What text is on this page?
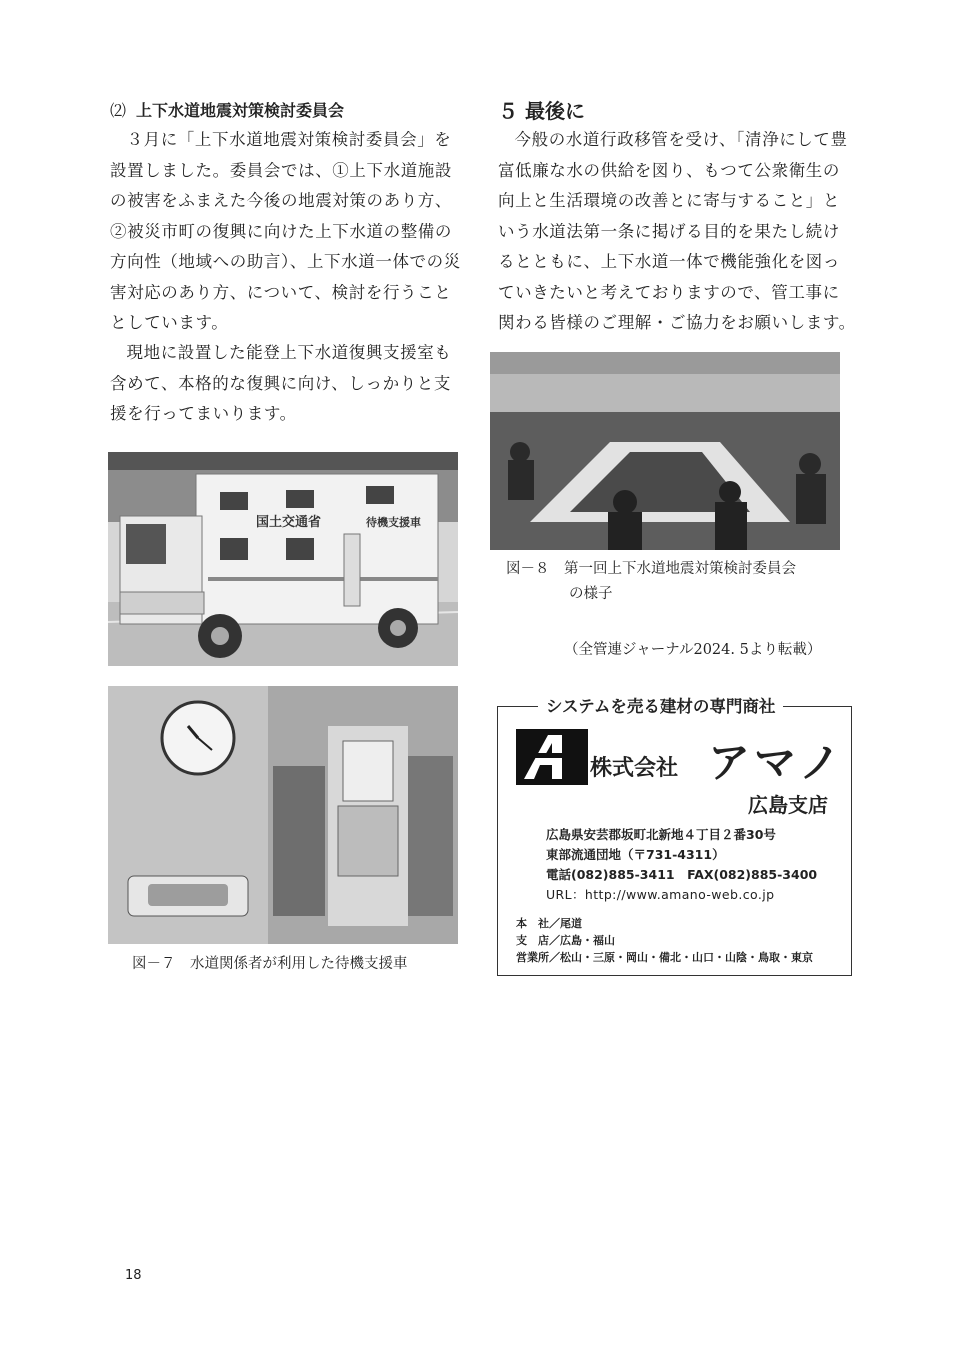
⑵ 上下水道地震対策検討委員会

３月に「上下水道地震対策検討委員会」を設置しました。委員会では、①上下水道施設の被害をふまえた今後の地震対策のあり方、②被災市町の復興に向けた上下水道の整備の方向性（地域への助言）、上下水道一体での災害対応のあり方、について、検討を行うこととしています。

現地に設置した能登上下水道復興支援室も含めて、本格的な復興に向け、しっかりと支援を行ってまいります。

国土交通省	待機支援車
図－７　水道関係者が利用した待機支援車
５ 最後に

今般の水道行政移管を受け、「清浄にして豊富低廉な水の供給を図り、もつて公衆衛生の向上と生活環境の改善とに寄与すること」という水道法第一条に掲げる目的を果たし続けるとともに、上下水道一体で機能強化を図っていきたいと考えておりますので、管工事に関わる皆様のご理解・ご協力をお願いします。

図－８　第一回上下水道地震対策検討委員会
の様子
（全管連ジャーナル2024. 5より転載）
システムを売る建材の専門商社
株式会社 アマノ
広島支店
広島県安芸郡坂町北新地４丁目２番30号
東部流通団地（〒731-4311）
電話(082)885-3411　FAX(082)885-3400
URL：http://www.amano-web.co.jp
本　社／尾道
支　店／広島・福山
営業所／松山・三原・岡山・備北・山口・山陰・鳥取・東京
18
